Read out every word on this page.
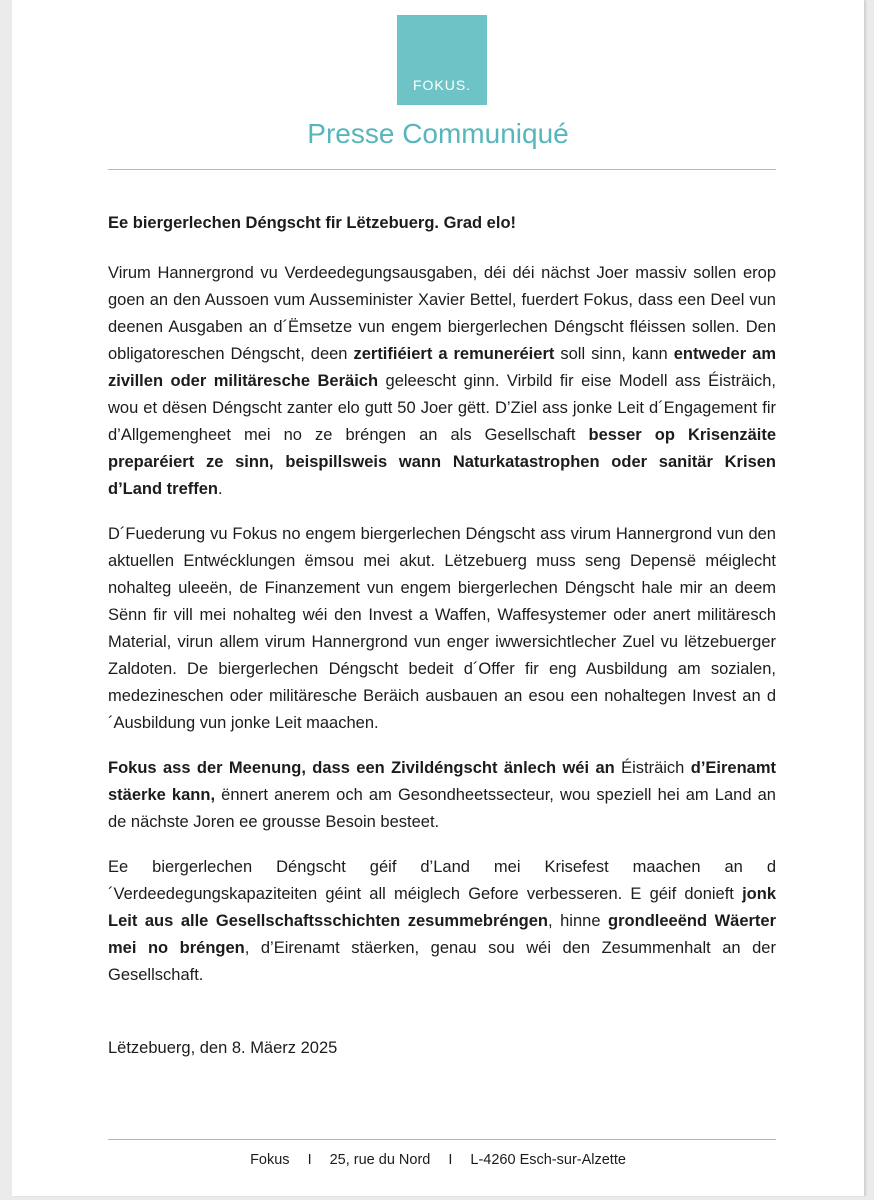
FOKUS.
Presse Communiqué

Ee biergerlechen Déngscht fir Lëtzebuerg. Grad elo!

Virum Hannergrond vu Verdeedegungsausgaben, déi déi nächst Joer massiv sollen erop goen an den Aussoen vum Ausseminister Xavier Bettel, fuerdert Fokus, dass een Deel vun deenen Ausgaben an d´Ëmsetze vun engem biergerlechen Déngscht fléissen sollen. Den obligatoreschen Déngscht, deen zertifiéiert a remuneréiert soll sinn, kann entweder am zivillen oder militäresche Beräich geleescht ginn. Virbild fir eise Modell ass Éisträich, wou et dësen Déngscht zanter elo gutt 50 Joer gëtt. D’Ziel ass jonke Leit d´Engagement fir d’Allgemengheet mei no ze bréngen an als Gesellschaft besser op Krisenzäite preparéiert ze sinn, beispillsweis wann Naturkatastrophen oder sanitär Krisen d’Land treffen.

D´Fuederung vu Fokus no engem biergerlechen Déngscht ass virum Hannergrond vun den aktuellen Entwécklungen ëmsou mei akut. Lëtzebuerg muss seng Depensë méiglecht nohalteg uleeën, de Finanzement vun engem biergerlechen Déngscht hale mir an deem Sënn fir vill mei nohalteg wéi den Invest a Waffen, Waffesystemer oder anert militäresch Material, virun allem virum Hannergrond vun enger iwwersichtlecher Zuel vu lëtzebuerger Zaldoten. De biergerlechen Déngscht bedeit d´Offer fir eng Ausbildung am sozialen, medezineschen oder militäresche Beräich ausbauen an esou een nohaltegen Invest an d´Ausbildung vun jonke Leit maachen.

Fokus ass der Meenung, dass een Zivildéngscht änlech wéi an Éisträich d’Eirenamt stäerke kann, ënnert anerem och am Gesondheetssecteur, wou speziell hei am Land an de nächste Joren ee grousse Besoin besteet.

Ee biergerlechen Déngscht géif d’Land mei Krisefest maachen an d´Verdeedegungskapaziteiten géint all méiglech Gefore verbesseren. E géif donieft jonk Leit aus alle Gesellschaftsschichten zesummebréngen, hinne grondleeënd Wäerter mei no bréngen, d’Eirenamt stäerken, genau sou wéi den Zesummenhalt an der Gesellschaft.

Lëtzebuerg, den 8. Mäerz 2025

Fokus I 25, rue du Nord I L-4260 Esch-sur-Alzette
